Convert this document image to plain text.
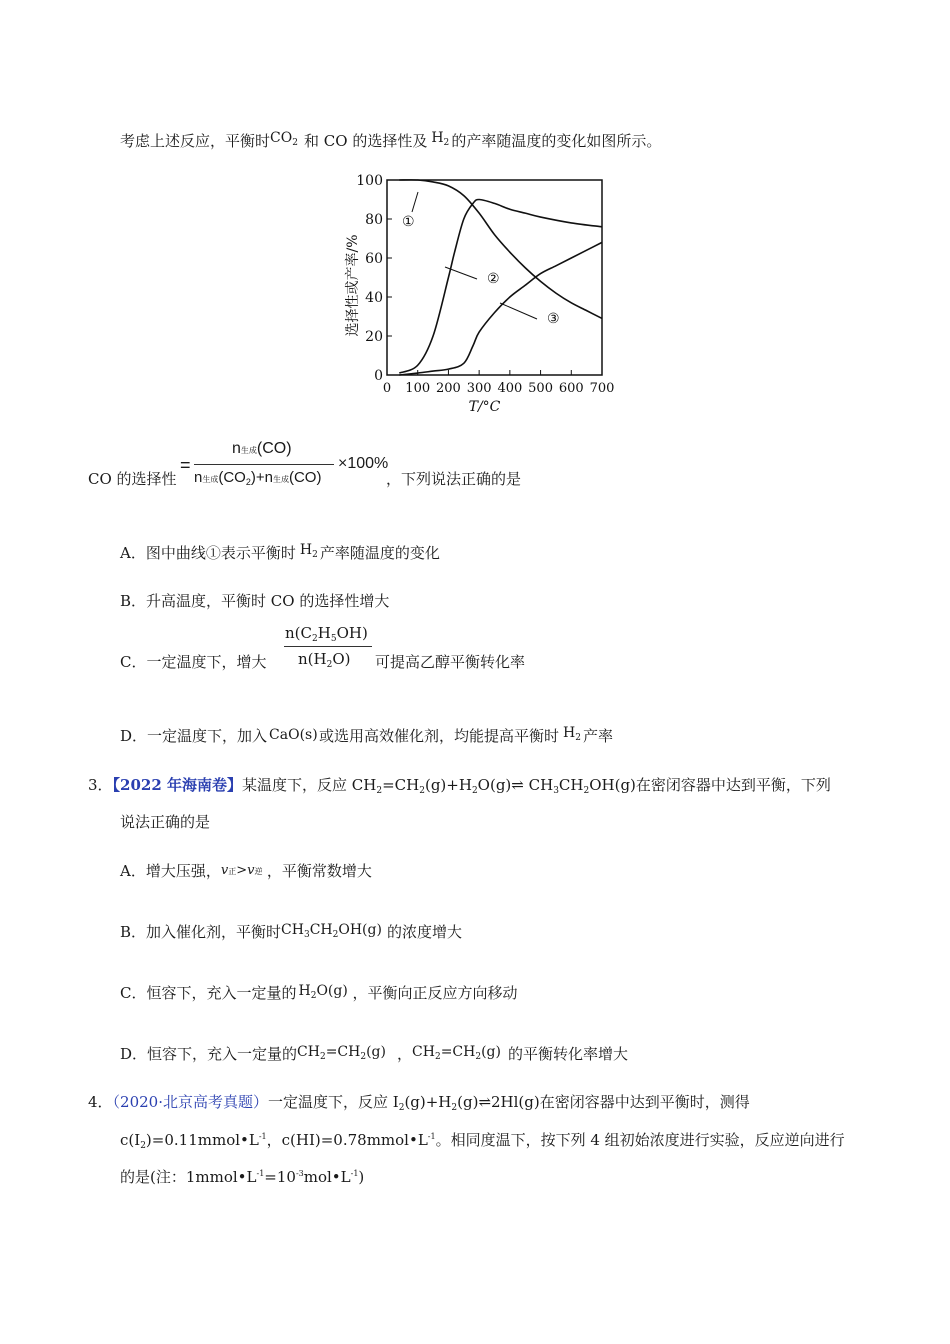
考虑上述反应，平衡时 $CO_2$ 和 CO 的选择性及 $H_2$ 的产率随温度的变化如图所示。
0
20
40
60
80
100
0 100 200 300 400 500 600 700
T/°C
选择性或产率/%
①
②
③
CO 的选择性
=
n生成(CO)
n生成$(CO_2)+n$生成(CO)
×100%
，下列说法正确的是
A．图中曲线①表示平衡时 $H_2$ 产率随温度的变化
B．升高温度，平衡时 CO 的选择性增大
C．一定温度下，增大
$n(C_2H_5OH)$
$n(H_2O)$ 可提高乙醇平衡转化率
D．一定温度下，加入 CaO(s) 或选用高效催化剂，均能提高平衡时 $H_2$ 产率
3．【2022 年海南卷】某温度下，反应 $CH_2=CH_2(g)+H_2O(g)\rightleftharpoons$ $CH_3CH_2OH(g)$在密闭容器中达到平衡，下列
说法正确的是
A．增大压强， v正>v逆 ，平衡常数增大
B．加入催化剂，平衡时 $CH_3CH_2OH(g)$ 的浓度增大
C．恒容下，充入一定量的 $H_2O(g)$ ，平衡向正反应方向移动
D．恒容下，充入一定量的 $CH_2=CH_2(g)$ ， $CH_2=CH_2(g)$ 的平衡转化率增大
4．（2020·北京高考真题）一定温度下，反应 $I_2(g)+H_2(g)\rightleftharpoons 2Hl(g)$在密闭容器中达到平衡时，测得
$c(I_2)=0.11mmol•L^{-1}$，$c(HI)=0.78mmol•L^{-1}$。相同度温下，按下列 4 组初始浓度进行实验，反应逆向进行
的是(注：$1mmol•L^{-1}=10^{-3}mol•L^{-1}$)
